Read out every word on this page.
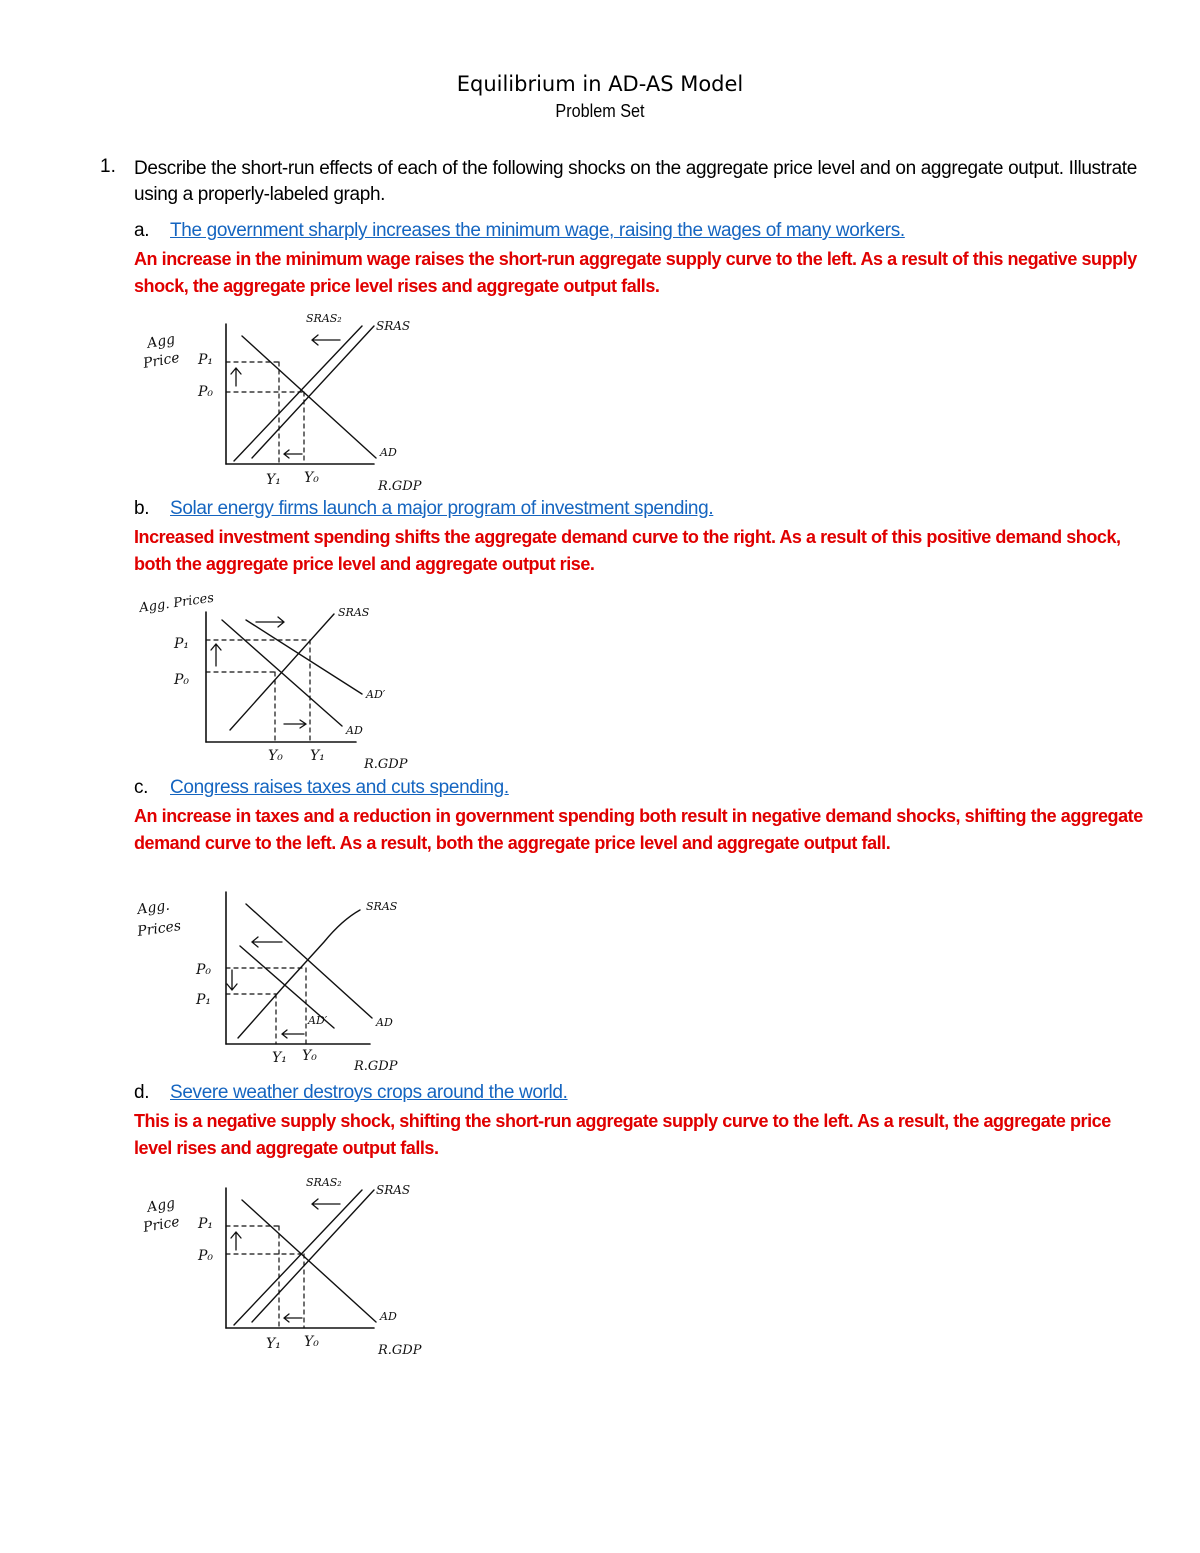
Equilibrium in AD-AS Model
Problem Set
1. Describe the short-run effects of each of the following shocks on the aggregate price level and on aggregate output. Illustrate using a properly-labeled graph.
a. The government sharply increases the minimum wage, raising the wages of many workers.
An increase in the minimum wage raises the short-run aggregate supply curve to the left. As a result of this negative supply shock, the aggregate price level rises and aggregate output falls.
Agg
Price P₁
P₀
Y₁ Y₀
R.GDP
SRAS₂
SRAS
AD
b. Solar energy firms launch a major program of investment spending.
Increased investment spending shifts the aggregate demand curve to the right. As a result of this positive demand shock, both the aggregate price level and aggregate output rise.
Agg. Prices
P₁
P₀
Y₀ Y₁
R.GDP
SRAS
AD′
AD
c. Congress raises taxes and cuts spending.
An increase in taxes and a reduction in government spending both result in negative demand shocks, shifting the aggregate demand curve to the left. As a result, both the aggregate price level and aggregate output fall.
Agg.
Prices
P₀
P₁
Y₁ Y₀
R.GDP
SRAS
AD′	AD
d. Severe weather destroys crops around the world.
This is a negative supply shock, shifting the short-run aggregate supply curve to the left. As a result, the aggregate price level rises and aggregate output falls.
Agg
Price P₁
P₀
Y₁ Y₀
R.GDP
SRAS₂
SRAS
AD
